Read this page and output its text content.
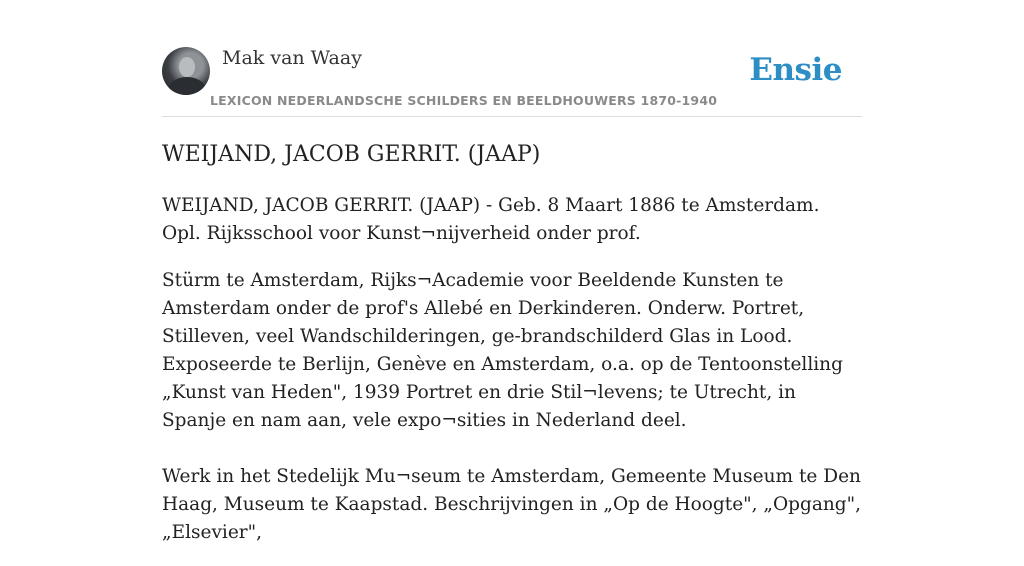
Mak van Waay
LEXICON NEDERLANDSCHE SCHILDERS EN BEELDHOUWERS 1870-1940
Ensie
WEIJAND, JACOB GERRIT. (JAAP)

WEIJAND, JACOB GERRIT. (JAAP) - Geb. 8 Maart 1886 te Amsterdam. Opl. Rijksschool voor Kunst¬nijverheid onder prof.

Stürm te Amsterdam, Rijks¬Academie voor Beeldende Kunsten te Amsterdam onder de prof's Allebé en Derkinderen. Onderw. Portret, Stilleven, veel Wandschilderingen, ge-brandschilderd Glas in Lood. Exposeerde te Berlijn, Genève en Amsterdam, o.a. op de Tentoonstelling „Kunst van Heden", 1939 Portret en drie Stil¬levens; te Utrecht, in Spanje en nam aan, vele expo¬sities in Nederland deel.

Werk in het Stedelijk Mu¬seum te Amsterdam, Gemeente Museum te Den Haag, Museum te Kaapstad. Beschrijvingen in „Op de Hoogte", „Opgang", „Elsevier",
